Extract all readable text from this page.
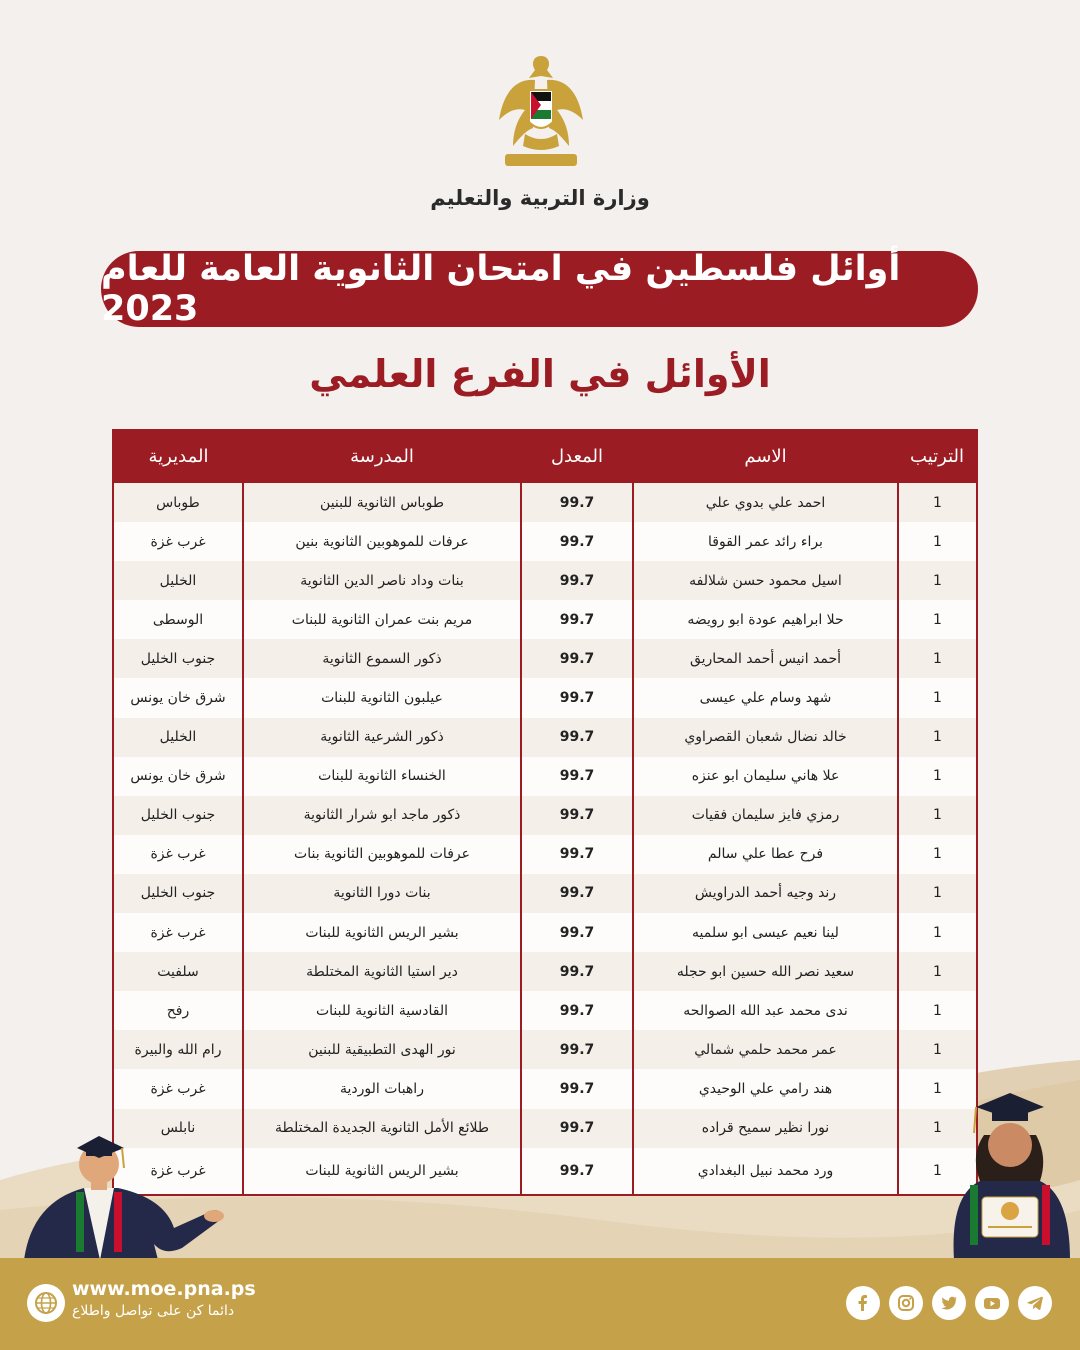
وزارة التربية والتعليم
أوائل فلسطين في امتحان الثانوية العامة للعام 2023
الأوائل في الفرع العلمي
الترتيب	الاسم	المعدل	المدرسة	المديرية
1	احمد علي بدوي علي	99.7	طوباس الثانوية للبنين	طوباس
1	براء رائد عمر القوقا	99.7	عرفات للموهوبين الثانوية بنين	غرب غزة
1	اسيل محمود حسن شلالفه	99.7	بنات وداد ناصر الدين الثانوية	الخليل
1	حلا ابراهيم عودة ابو رويضه	99.7	مريم بنت عمران الثانوية للبنات	الوسطى
1	أحمد انيس أحمد المحاريق	99.7	ذكور السموع الثانوية	جنوب الخليل
1	شهد وسام علي عيسى	99.7	عيلبون الثانوية للبنات	شرق خان يونس
1	خالد نضال شعبان القصراوي	99.7	ذكور الشرعية الثانوية	الخليل
1	علا هاني سليمان ابو عنزه	99.7	الخنساء الثانوية للبنات	شرق خان يونس
1	رمزي فايز سليمان فقيات	99.7	ذكور ماجد ابو شرار الثانوية	جنوب الخليل
1	فرح عطا علي سالم	99.7	عرفات للموهوبين الثانوية بنات	غرب غزة
1	رند وجيه أحمد الدراويش	99.7	بنات دورا الثانوية	جنوب الخليل
1	لينا نعيم عيسى ابو سلميه	99.7	بشير الريس الثانوية للبنات	غرب غزة
1	سعيد نصر الله حسين ابو حجله	99.7	دير استيا الثانوية المختلطة	سلفيت
1	ندى محمد عبد الله الصوالحه	99.7	القادسية الثانوية للبنات	رفح
1	عمر محمد حلمي شمالي	99.7	نور الهدى التطبيقية للبنين	رام الله والبيرة
1	هند رامي علي الوحيدي	99.7	راهبات الوردية	غرب غزة
1	نورا نظير سميح قراده	99.7	طلائع الأمل الثانوية الجديدة المختلطة	نابلس
1	ورد محمد نبيل البغدادي	99.7	بشير الريس الثانوية للبنات	غرب غزة
www.moe.pna.ps
دائما كن على تواصل واطلاع
